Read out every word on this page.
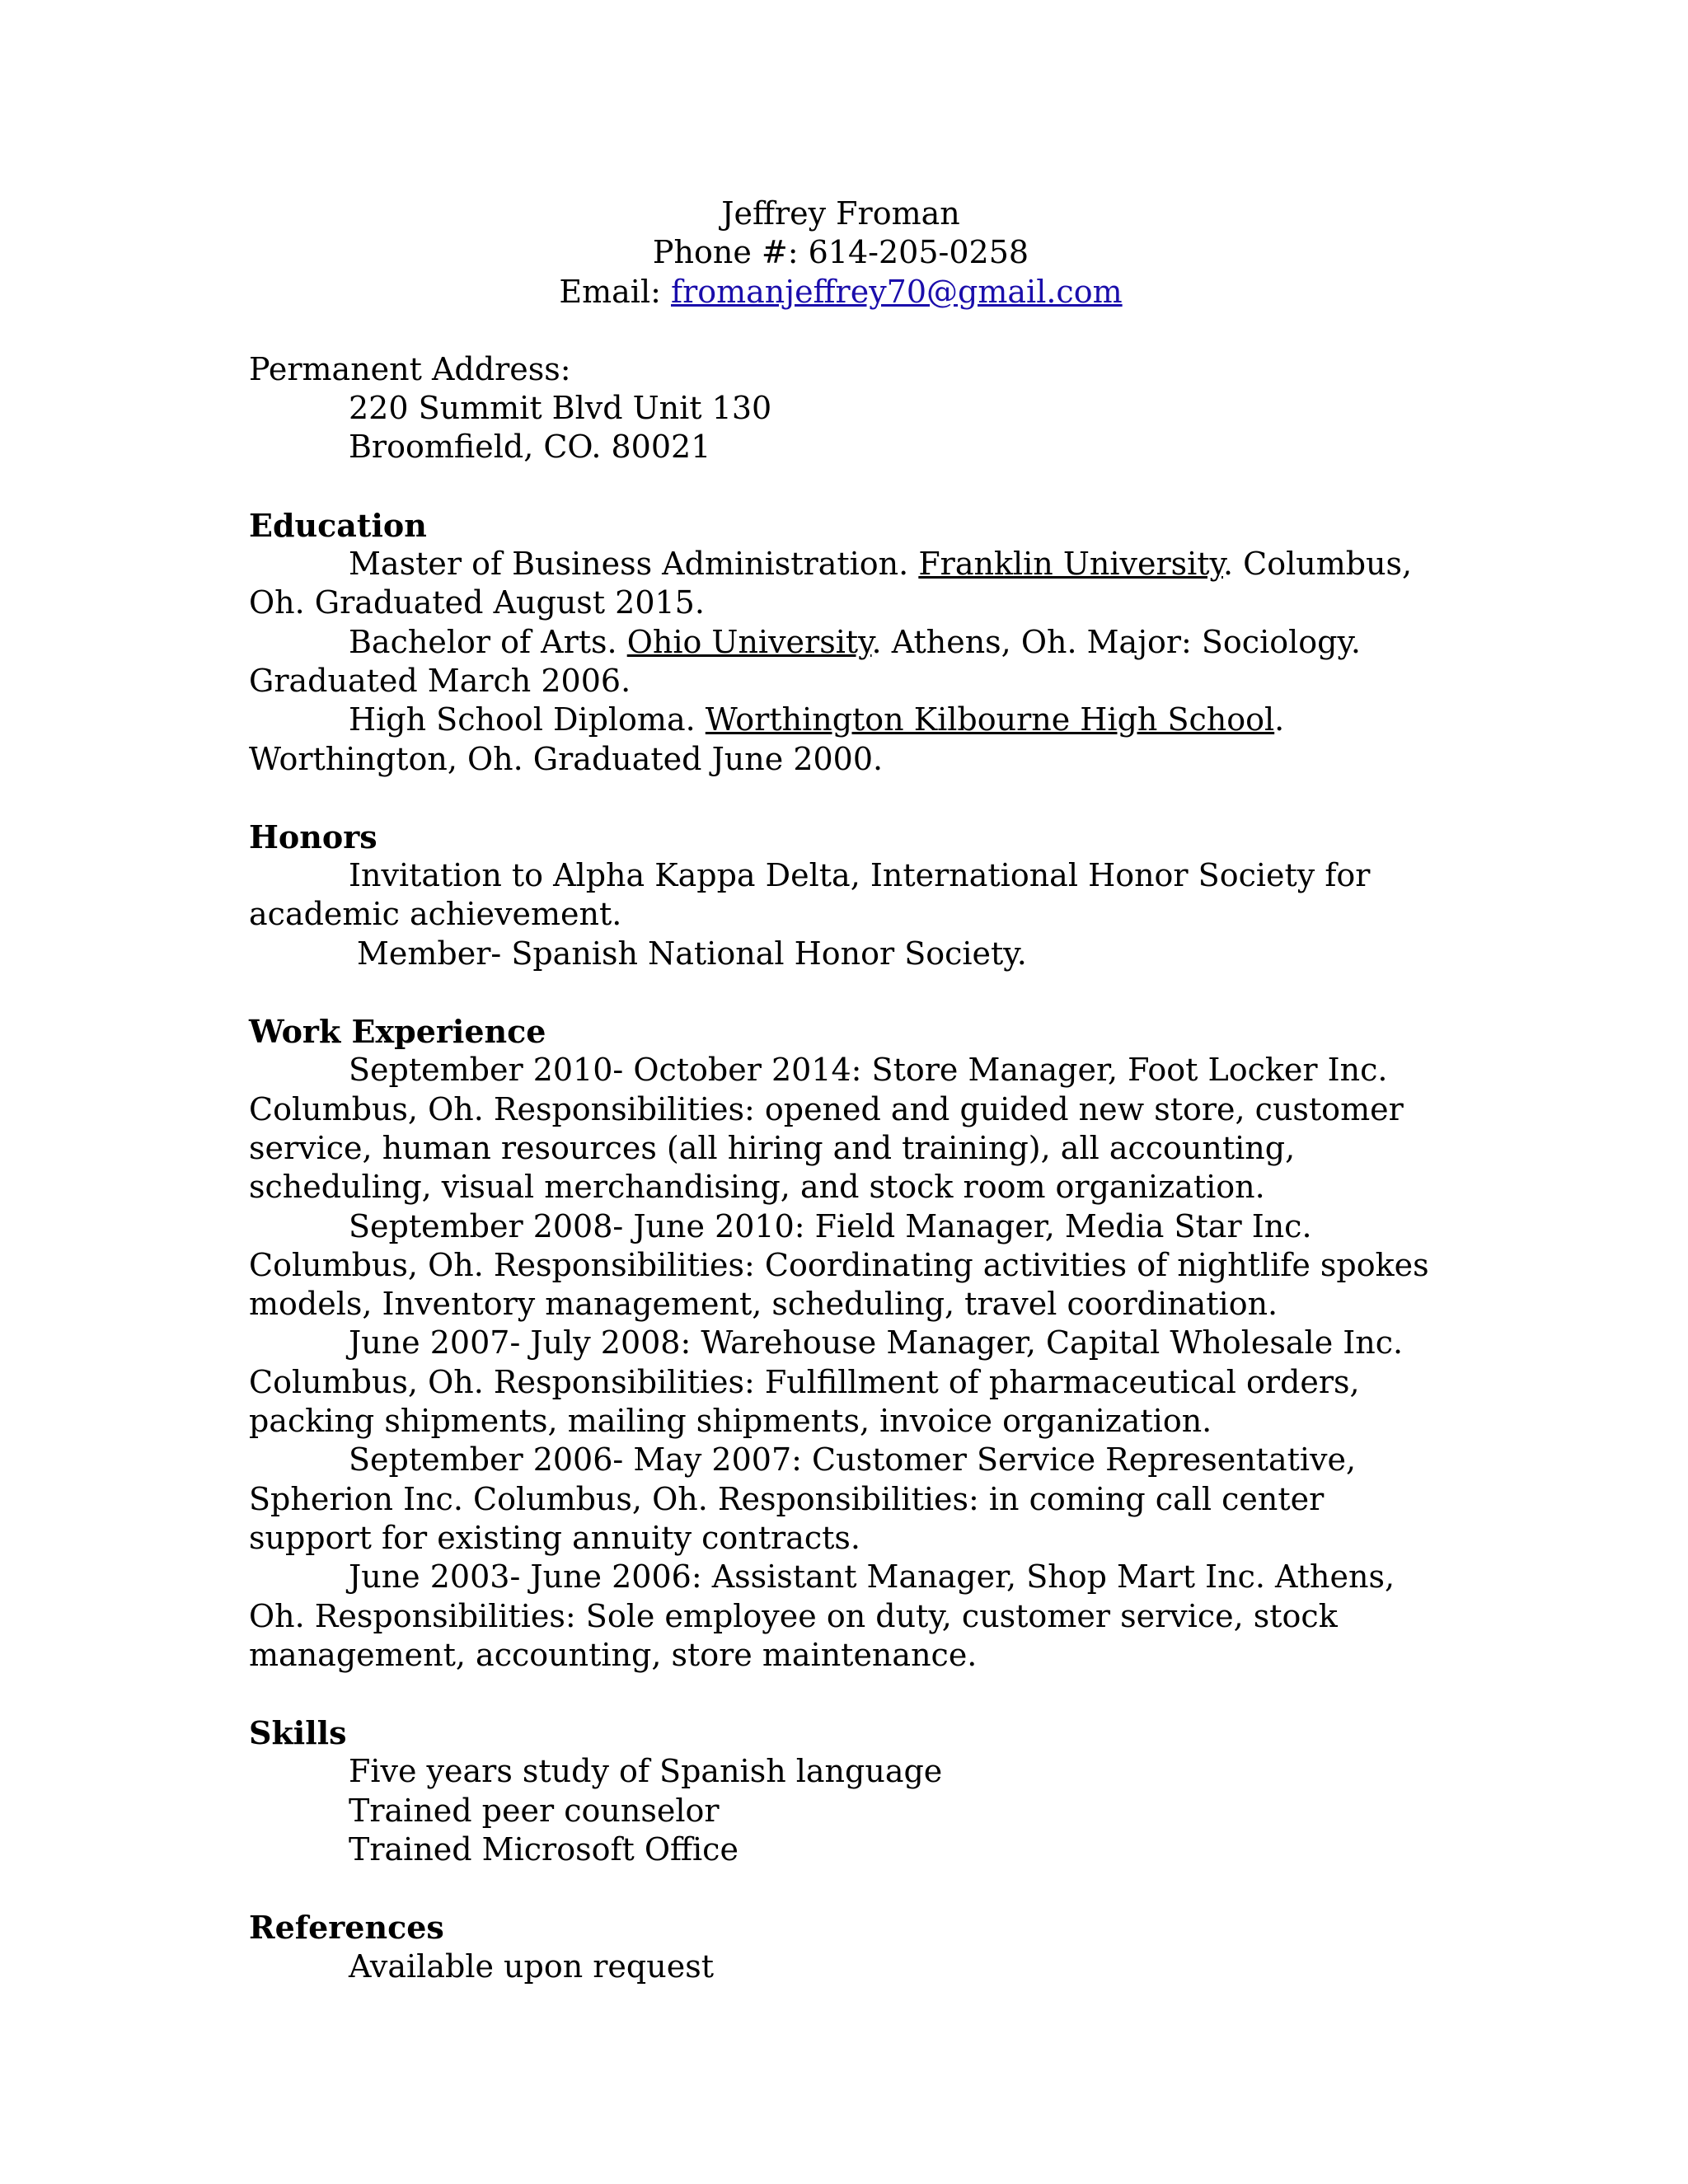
Jeffrey Froman
Phone #: 614-205-0258
Email: fromanjeffrey70@gmail.com
Permanent Address:
220 Summit Blvd Unit 130
Broomfield, CO. 80021
Education

Master of Business Administration. Franklin University. Columbus, Oh. Graduated August 2015.

Bachelor of Arts. Ohio University. Athens, Oh. Major: Sociology. Graduated March 2006.

High School Diploma. Worthington Kilbourne High School. Worthington, Oh. Graduated June 2000.

Honors

Invitation to Alpha Kappa Delta, International Honor Society for academic achievement.

Member- Spanish National Honor Society.

Work Experience

September 2010- October 2014: Store Manager, Foot Locker Inc. Columbus, Oh. Responsibilities: opened and guided new store, customer service, human resources (all hiring and training), all accounting, scheduling, visual merchandising, and stock room organization.

September 2008- June 2010: Field Manager, Media Star Inc. Columbus, Oh. Responsibilities: Coordinating activities of nightlife spokes models, Inventory management, scheduling, travel coordination.

June 2007- July 2008: Warehouse Manager, Capital Wholesale Inc. Columbus, Oh. Responsibilities: Fulfillment of pharmaceutical orders, packing shipments, mailing shipments, invoice organization.

September 2006- May 2007: Customer Service Representative, Spherion Inc. Columbus, Oh. Responsibilities: in coming call center support for existing annuity contracts.

June 2003- June 2006: Assistant Manager, Shop Mart Inc. Athens, Oh. Responsibilities: Sole employee on duty, customer service, stock management, accounting, store maintenance.

Skills
Five years study of Spanish language
Trained peer counselor
Trained Microsoft Office
References
Available upon request
